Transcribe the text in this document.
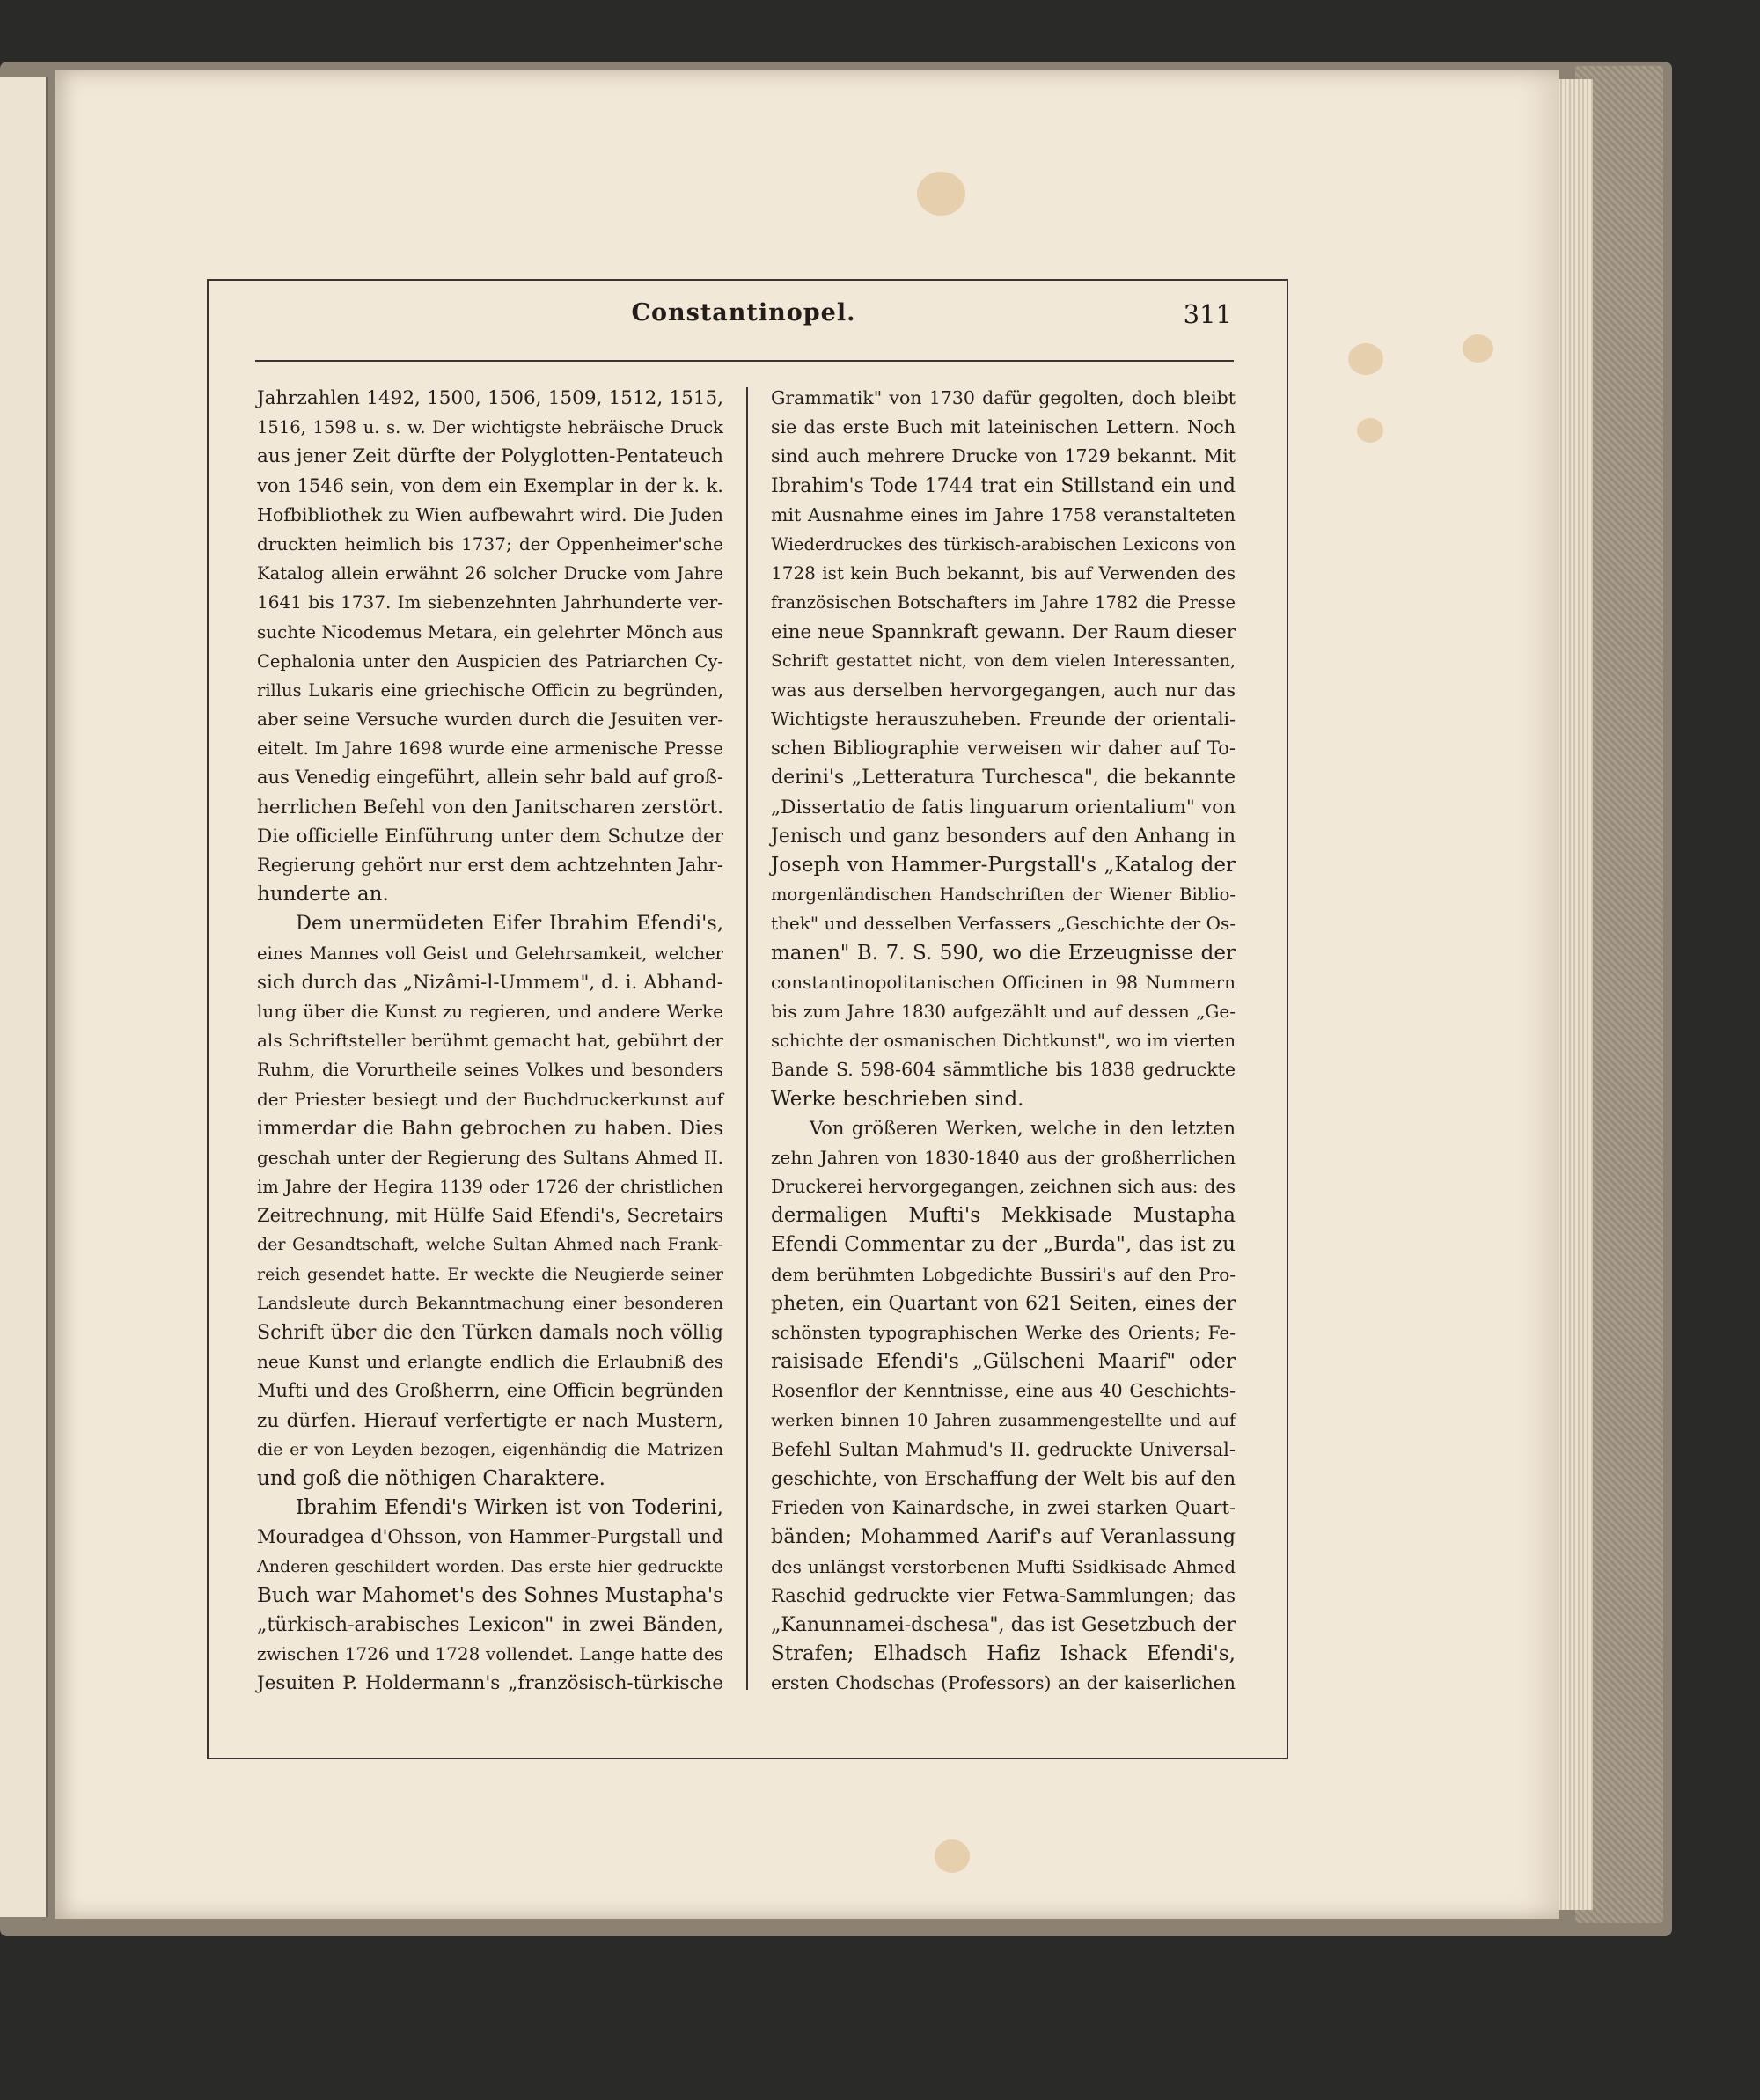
Constantinopel.	311
Jahrzahlen 1492, 1500, 1506, 1509, 1512, 1515,
1516, 1598 u. s. w. Der wichtigste hebräische Druck
aus jener Zeit dürfte der Polyglotten-Pentateuch
von 1546 sein, von dem ein Exemplar in der k. k.
Hofbibliothek zu Wien aufbewahrt wird. Die Juden
druckten heimlich bis 1737; der Oppenheimer'sche
Katalog allein erwähnt 26 solcher Drucke vom Jahre
1641 bis 1737. Im siebenzehnten Jahrhunderte ver-
suchte Nicodemus Metara, ein gelehrter Mönch aus
Cephalonia unter den Auspicien des Patriarchen Cy-
rillus Lukaris eine griechische Officin zu begründen,
aber seine Versuche wurden durch die Jesuiten ver-
eitelt. Im Jahre 1698 wurde eine armenische Presse
aus Venedig eingeführt, allein sehr bald auf groß-
herrlichen Befehl von den Janitscharen zerstört.
Die officielle Einführung unter dem Schutze der
Regierung gehört nur erst dem achtzehnten Jahr-
hunderte an.
Dem unermüdeten Eifer Ibrahim Efendi's,
eines Mannes voll Geist und Gelehrsamkeit, welcher
sich durch das „Nizâmi-l-Ummem", d. i. Abhand-
lung über die Kunst zu regieren, und andere Werke
als Schriftsteller berühmt gemacht hat, gebührt der
Ruhm, die Vorurtheile seines Volkes und besonders
der Priester besiegt und der Buchdruckerkunst auf
immerdar die Bahn gebrochen zu haben. Dies
geschah unter der Regierung des Sultans Ahmed II.
im Jahre der Hegira 1139 oder 1726 der christlichen
Zeitrechnung, mit Hülfe Said Efendi's, Secretairs
der Gesandtschaft, welche Sultan Ahmed nach Frank-
reich gesendet hatte. Er weckte die Neugierde seiner
Landsleute durch Bekanntmachung einer besonderen
Schrift über die den Türken damals noch völlig
neue Kunst und erlangte endlich die Erlaubniß des
Mufti und des Großherrn, eine Officin begründen
zu dürfen. Hierauf verfertigte er nach Mustern,
die er von Leyden bezogen, eigenhändig die Matrizen
und goß die nöthigen Charaktere.
Ibrahim Efendi's Wirken ist von Toderini,
Mouradgea d'Ohsson, von Hammer-Purgstall und
Anderen geschildert worden. Das erste hier gedruckte
Buch war Mahomet's des Sohnes Mustapha's
„türkisch-arabisches Lexicon" in zwei Bänden,
zwischen 1726 und 1728 vollendet. Lange hatte des
Jesuiten P. Holdermann's „französisch-türkische
Grammatik" von 1730 dafür gegolten, doch bleibt
sie das erste Buch mit lateinischen Lettern. Noch
sind auch mehrere Drucke von 1729 bekannt. Mit
Ibrahim's Tode 1744 trat ein Stillstand ein und
mit Ausnahme eines im Jahre 1758 veranstalteten
Wiederdruckes des türkisch-arabischen Lexicons von
1728 ist kein Buch bekannt, bis auf Verwenden des
französischen Botschafters im Jahre 1782 die Presse
eine neue Spannkraft gewann. Der Raum dieser
Schrift gestattet nicht, von dem vielen Interessanten,
was aus derselben hervorgegangen, auch nur das
Wichtigste herauszuheben. Freunde der orientali-
schen Bibliographie verweisen wir daher auf To-
derini's „Letteratura Turchesca", die bekannte
„Dissertatio de fatis linguarum orientalium" von
Jenisch und ganz besonders auf den Anhang in
Joseph von Hammer-Purgstall's „Katalog der
morgenländischen Handschriften der Wiener Biblio-
thek" und desselben Verfassers „Geschichte der Os-
manen" B. 7. S. 590, wo die Erzeugnisse der
constantinopolitanischen Officinen in 98 Nummern
bis zum Jahre 1830 aufgezählt und auf dessen „Ge-
schichte der osmanischen Dichtkunst", wo im vierten
Bande S. 598-604 sämmtliche bis 1838 gedruckte
Werke beschrieben sind.
Von größeren Werken, welche in den letzten
zehn Jahren von 1830-1840 aus der großherrlichen
Druckerei hervorgegangen, zeichnen sich aus: des
dermaligen Mufti's Mekkisade Mustapha
Efendi Commentar zu der „Burda", das ist zu
dem berühmten Lobgedichte Bussiri's auf den Pro-
pheten, ein Quartant von 621 Seiten, eines der
schönsten typographischen Werke des Orients; Fe-
raisisade Efendi's „Gülscheni Maarif" oder
Rosenflor der Kenntnisse, eine aus 40 Geschichts-
werken binnen 10 Jahren zusammengestellte und auf
Befehl Sultan Mahmud's II. gedruckte Universal-
geschichte, von Erschaffung der Welt bis auf den
Frieden von Kainardsche, in zwei starken Quart-
bänden; Mohammed Aarif's auf Veranlassung
des unlängst verstorbenen Mufti Ssidkisade Ahmed
Raschid gedruckte vier Fetwa-Sammlungen; das
„Kanunnamei-dschesa", das ist Gesetzbuch der
Strafen; Elhadsch Hafiz Ishack Efendi's,
ersten Chodschas (Professors) an der kaiserlichen
